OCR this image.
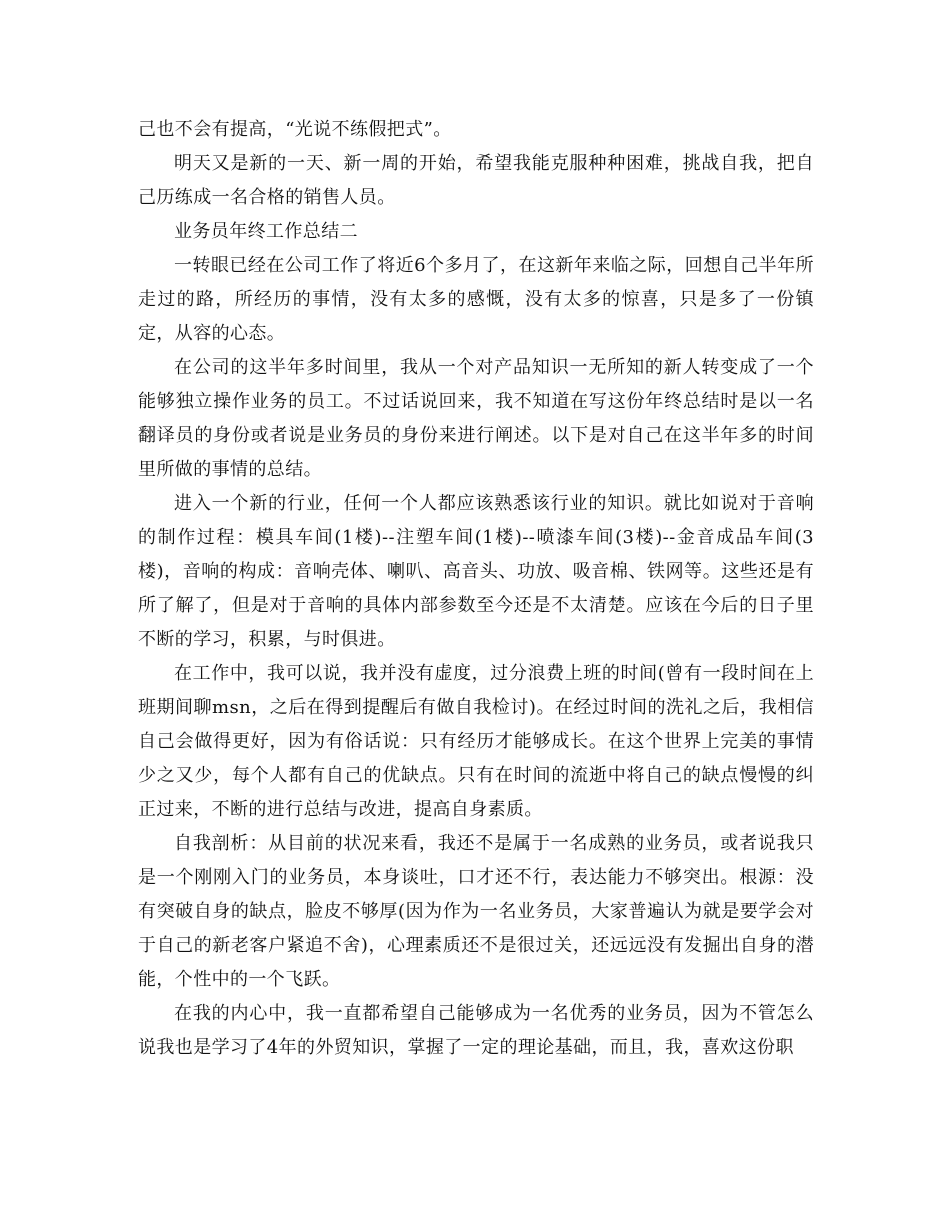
己也不会有提高，“光说不练假把式”。

明天又是新的一天、新一周的开始，希望我能克服种种困难，挑战自我，把自己历练成一名合格的销售人员。

业务员年终工作总结二

一转眼已经在公司工作了将近6个多月了，在这新年来临之际，回想自己半年所走过的路，所经历的事情，没有太多的感慨，没有太多的惊喜，只是多了一份镇定，从容的心态。

在公司的这半年多时间里，我从一个对产品知识一无所知的新人转变成了一个能够独立操作业务的员工。不过话说回来，我不知道在写这份年终总结时是以一名翻译员的身份或者说是业务员的身份来进行阐述。以下是对自己在这半年多的时间里所做的事情的总结。

进入一个新的行业，任何一个人都应该熟悉该行业的知识。就比如说对于音响的制作过程：模具车间(1楼)--注塑车间(1楼)--喷漆车间(3楼)--金音成品车间(3楼)，音响的构成：音响壳体、喇叭、高音头、功放、吸音棉、铁网等。这些还是有所了解了，但是对于音响的具体内部参数至今还是不太清楚。应该在今后的日子里不断的学习，积累，与时俱进。

在工作中，我可以说，我并没有虚度，过分浪费上班的时间(曾有一段时间在上班期间聊msn，之后在得到提醒后有做自我检讨)。在经过时间的洗礼之后，我相信自己会做得更好，因为有俗话说：只有经历才能够成长。在这个世界上完美的事情少之又少，每个人都有自己的优缺点。只有在时间的流逝中将自己的缺点慢慢的纠正过来，不断的进行总结与改进，提高自身素质。

自我剖析：从目前的状况来看，我还不是属于一名成熟的业务员，或者说我只是一个刚刚入门的业务员，本身谈吐，口才还不行，表达能力不够突出。根源：没有突破自身的缺点，脸皮不够厚(因为作为一名业务员，大家普遍认为就是要学会对于自己的新老客户紧追不舍)，心理素质还不是很过关，还远远没有发掘出自身的潜能，个性中的一个飞跃。

在我的内心中，我一直都希望自己能够成为一名优秀的业务员，因为不管怎么说我也是学习了4年的外贸知识，掌握了一定的理论基础，而且，我，喜欢这份职
